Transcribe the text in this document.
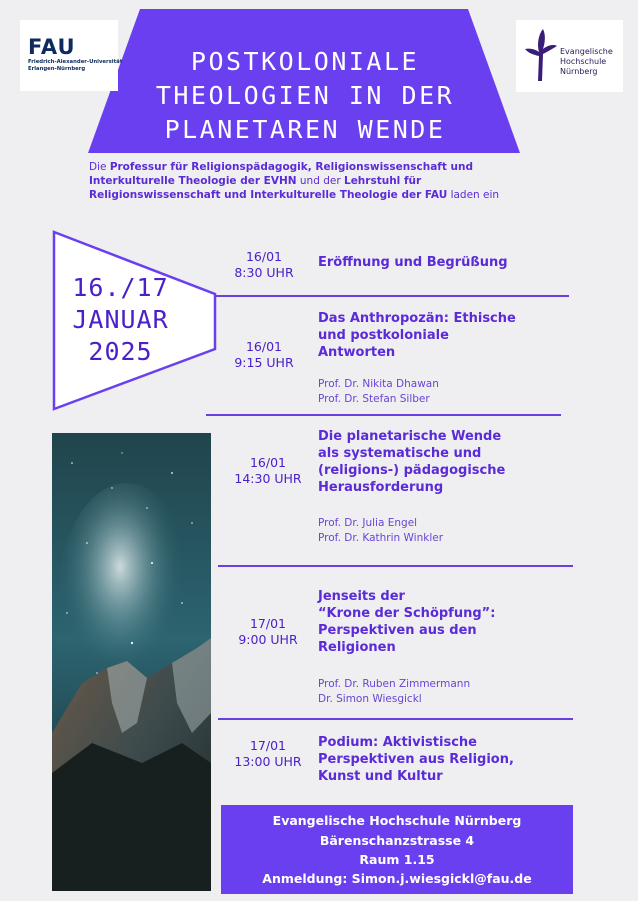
POSTKOLONIALE
THEOLOGIEN IN DER
PLANETAREN WENDE
FAU
Friedrich-Alexander-Universität
Erlangen-Nürnberg
Evangelische
Hochschule
Nürnberg
Die Professur für Religionspädagogik, Religionswissenschaft und Interkulturelle Theologie der EVHN und der Lehrstuhl für Religionswissenschaft und Interkulturelle Theologie der FAU laden ein
16./17
JANUAR
2025
16/01
8:30 UHR
Eröffnung und Begrüßung
16/01
9:15 UHR
Das Anthropozän: Ethische
und postkoloniale
Antworten
Prof. Dr. Nikita Dhawan
Prof. Dr. Stefan Silber
16/01
14:30 UHR
Die planetarische Wende
als systematische und
(religions-) pädagogische
Herausforderung
Prof. Dr. Julia Engel
Prof. Dr. Kathrin Winkler
17/01
9:00 UHR
Jenseits der
“Krone der Schöpfung”:
Perspektiven aus den
Religionen
Prof. Dr. Ruben Zimmermann
Dr. Simon Wiesgickl
17/01
13:00 UHR
Podium: Aktivistische
Perspektiven aus Religion,
Kunst und Kultur
Evangelische Hochschule Nürnberg
Bärenschanzstrasse 4
Raum 1.15
Anmeldung: Simon.j.wiesgickl@fau.de
